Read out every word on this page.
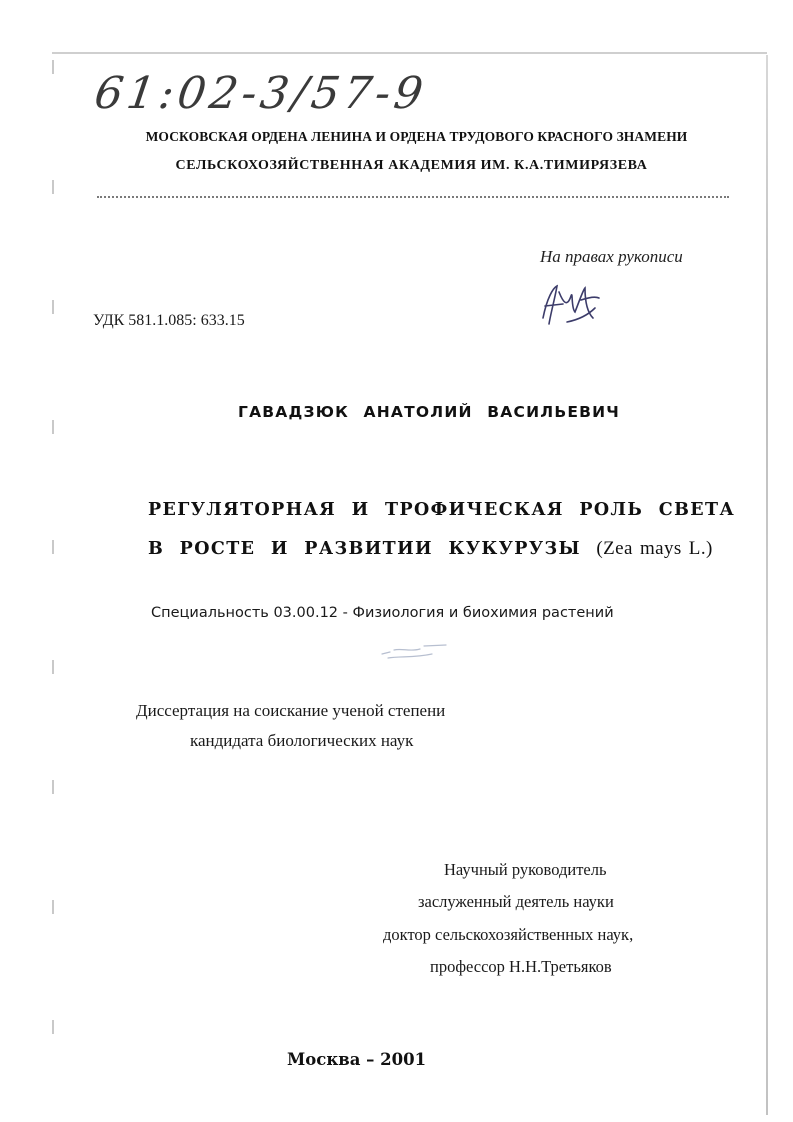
61:02-3/57-9
МОСКОВСКАЯ ОРДЕНА ЛЕНИНА И ОРДЕНА ТРУДОВОГО КРАСНОГО ЗНАМЕНИ
СЕЛЬСКОХОЗЯЙСТВЕННАЯ АКАДЕМИЯ ИМ. К.А.ТИМИРЯЗЕВА
На правах рукописи
УДК 581.1.085: 633.15
ГАВАДЗЮК АНАТОЛИЙ ВАСИЛЬЕВИЧ
РЕГУЛЯТОРНАЯ И ТРОФИЧЕСКАЯ РОЛЬ СВЕТА
В РОСТЕ И РАЗВИТИИ КУКУРУЗЫ (Zea mays L.)
Специальность 03.00.12 - Физиология и биохимия растений
Диссертация на соискание ученой степени
кандидата биологических наук
Научный руководитель
заслуженный деятель науки
доктор сельскохозяйственных наук,
профессор Н.Н.Третьяков
Москва – 2001
